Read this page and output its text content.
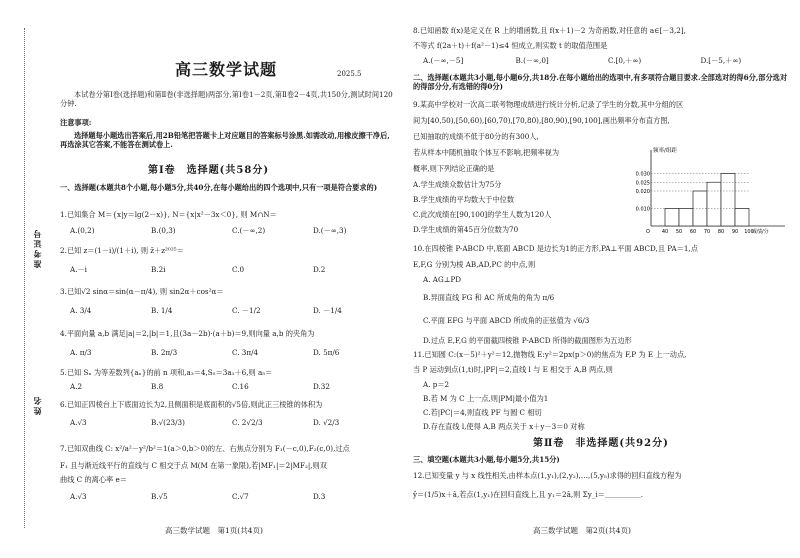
准考证号
姓名
高三数学试题	2025.5
本试卷分第Ⅰ卷(选择题)和第Ⅱ卷(非选择题)两部分,第Ⅰ卷1－2页,第Ⅱ卷2－4页,共150分,测试时间120分钟.
注意事项:
选择题每小题选出答案后,用2B铅笔把答题卡上对应题目的答案标号涂黑.如需改动,用橡皮擦干净后,再选涂其它答案,不能答在测试卷上.
第Ⅰ卷　选择题(共58分)
一、选择题(本题共8个小题,每小题5分,共40分,在每小题给出的四个选项中,只有一项是符合要求的)
1.已知集合 M＝{x|y＝lg(2－x)}, N＝{x|x²－3x＜0}, 则 M∩N＝
A.(0,2)	B.(0,3)	C.(－∞,2)	D.(－∞,3)
2.已知 z＝(1－i)/(1＋i), 则 z̄＋z²⁰²⁵＝
A.－i	B.2i	C.0	D.2
3.已知√2 sinα＝sin(α－π/4), 则 sin2α＋cos²α＝
A. 3/4	B. 1/4	C. －1/2	D. －1/4
4.平面向量 a,b 满足|a|＝2,|b|＝1,且(3a－2b)·(a＋b)＝9,则向量 a,b 的夹角为
A. π/3	B. 2π/3	C. 3π/4	D. 5π/6
5.已知 Sₙ 为等差数列{aₙ}的前 n 项和,a₃＝4,S₅＝3a₁＋6,则 a₅＝
A.2	B.8	C.16	D.32
6.已知正四棱台上下底面边长为2,且侧面积是底面积的√5倍,则此正三棱锥的体积为
A.√3	B.√(23/3)	C. 2√2/3	D. √2/3
7.已知双曲线 C: x²/a²－y²/b²＝1(a＞0,b＞0)的左、右焦点分别为 F₁(－c,0),F₂(c,0),过点
F₁ 且与渐近线平行的直线与 C 相交于点 M(M 在第一象限),若|MF₁|＝2|MF₂|,则双
曲线 C 的离心率 e＝
A.√3	B.√5	C.√7	D.3
高三数学试题　第1页(共4页)
8.已知函数 f(x)是定义在 R 上的增函数,且 f(x＋1)－2 为奇函数,对任意的 a∈[－3,2],
不等式 f(2a＋t)＋f(a²－1)≤4 恒成立,则实数 t 的取值范围是
A.(－∞,－5]	B.(－∞,0]	C.[0,＋∞)	D.[－5,＋∞)
二、选择题(本题共3小题,每小题6分,共18分.在每小题给出的选项中,有多项符合题目要求.全部选对的得6分,部分选对的得部分分,有选错的得0分)
9.某高中学校对一次高二联考物理成绩进行统计分析,记录了学生的分数,其中分组的区
间为[40,50),[50,60),[60,70),[70,80),[80,90),[90,100],画出频率分布直方图,
已知抽取的成绩不低于80分的有300人,
若从样本中随机抽取个体互不影响,把频率视为
概率,则下列结论正确的是
A.学生成绩众数估计为75分
B.学生成绩的平均数大于中位数
C.此次成绩在[90,100]的学生人数为120人
D.学生成绩的第45百分位数为70
频率/组距
0.010
0.020
0.025
0.030
O 40 50 60 70 80 90 100
成绩/分
10.在四棱锥 P-ABCD 中,底面 ABCD 是边长为1的正方形,PA⊥平面 ABCD,且 PA＝1,点
E,F,G 分别为棱 AB,AD,PC 的中点,则
A. AG⊥PD
B.异面直线 FG 和 AC 所成角的角为 π/6
C.平面 EFG 与平面 ABCD 所成角的正弦值为 √6/3
D.过点 E,F,G 的平面截四棱锥 P-ABCD 所得的截面图形为五边形
11.已知圆 C:(x－5)²＋y²＝12,抛物线 E:y²＝2px(p＞0)的焦点为 F,P 为 E 上一动点,
当 P 运动到点(1,t)时,|PF|＝2,直线 l 与 E 相交于 A,B 两点,则
A. p＝2
B.若 M 为 C 上一点,则|PM|最小值为1
C.若|PC|＝4,则直线 PF 与圆 C 相切
D.存在直线 l,使得 A,B 两点关于 x＋y－3＝0 对称
第Ⅱ卷　非选择题(共92分)
三、填空题(本题共3小题,每小题5分,共15分)
12.已知变量 y 与 x 线性相关,由样本点(1,y₁),(2,y₂),…,(5,y₅)求得的回归直线方程为
ŷ＝(1/5)x＋â,若点(1,y₁)在回归直线上,且 y₁＝2â,则 Σy_i＝＿＿＿＿＿.
高三数学试题　第2页(共4页)
